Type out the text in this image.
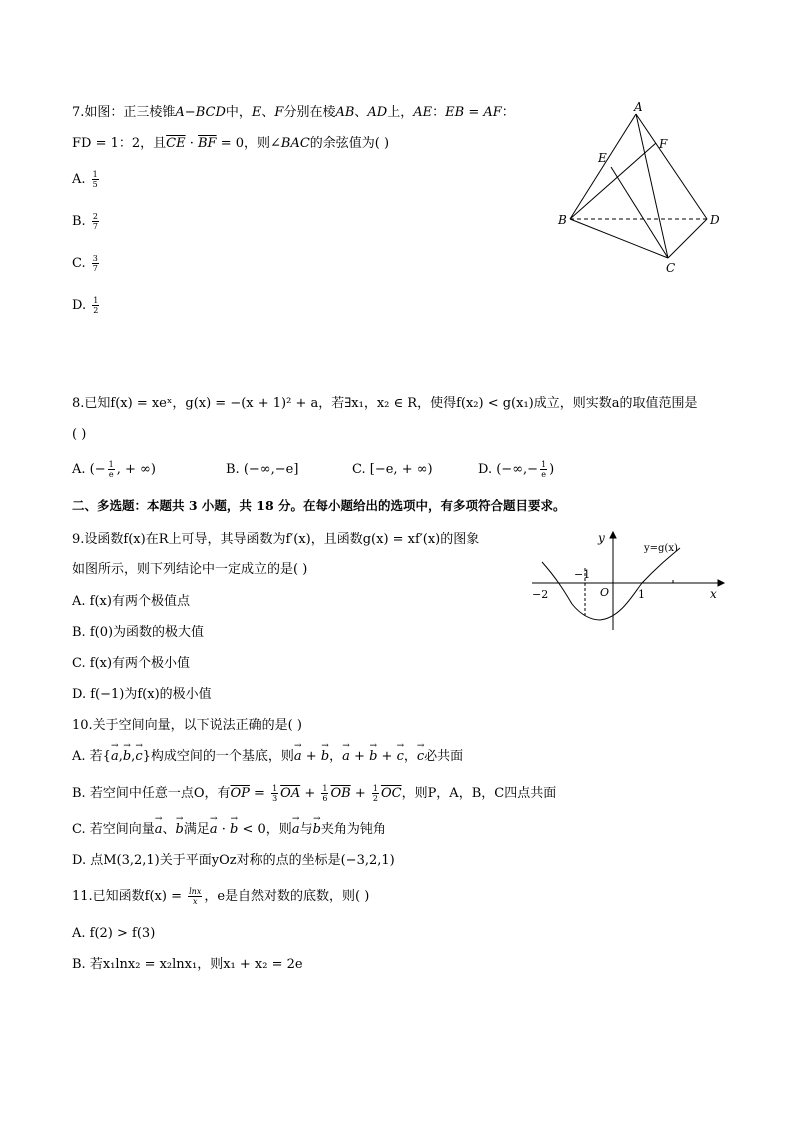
7.如图：正三棱锥A−BCD中，E、F分别在棱AB、AD上，AE：EB = AF：
FD = 1：2，且$\overline{CE} \cdot \overline{BF} = 0$，则∠BAC的余弦值为( )
A. $\frac{1}{5}$
B. $\frac{2}{7}$
C. $\frac{3}{7}$
D. $\frac{1}{2}$
A
B
C
D
E
F
8.已知f(x) = xeˣ，g(x) = −(x + 1)² + a，若∃x₁，x₂ ∈ R，使得f(x₂) < g(x₁)成立，则实数a的取值范围是
( )
A. (− $\frac{1}{e}$ , + ∞)	B. (−∞,−e]	C. [−e, + ∞)	D. (−∞,− $\frac{1}{e}$ )
二、多选题：本题共 3 小题，共 18 分。在每小题给出的选项中，有多项符合题目要求。
9.设函数f(x)在R上可导，其导函数为f′(x)，且函数g(x) = xf′(x)的图象
如图所示，则下列结论中一定成立的是( )
A. f(x)有两个极值点
B. f(0)为函数的极大值
C. f(x)有两个极小值
D. f(−1)为f(x)的极小值
y
x
y=g(x)
−2
−1
O	1
10.关于空间向量，以下说法正确的是( )
A. 若{→ a,→ b,→ c}构成空间的一个基底，则→ a + → b，→ a + → b + → c，→ c必共面
B. 若空间中任意一点O，有$\overline{OP} = \frac{1}{3} \overline{OA} + \frac{1}{6} \overline{OB} + \frac{1}{2} \overline{OC}$，则P，A，B，C四点共面
C. 若空间向量→ a、→ b满足→ a · → b < 0，则→ a与→ b夹角为钝角
D. 点M(3,2,1)关于平面yOz对称的点的坐标是(−3,2,1)
11.已知函数$f(x) = \frac{\ln x}{x}$ ，e是自然对数的底数，则( )
A. f(2) > f(3)
B. 若x₁lnx₂ = x₂lnx₁，则x₁ + x₂ = 2e
